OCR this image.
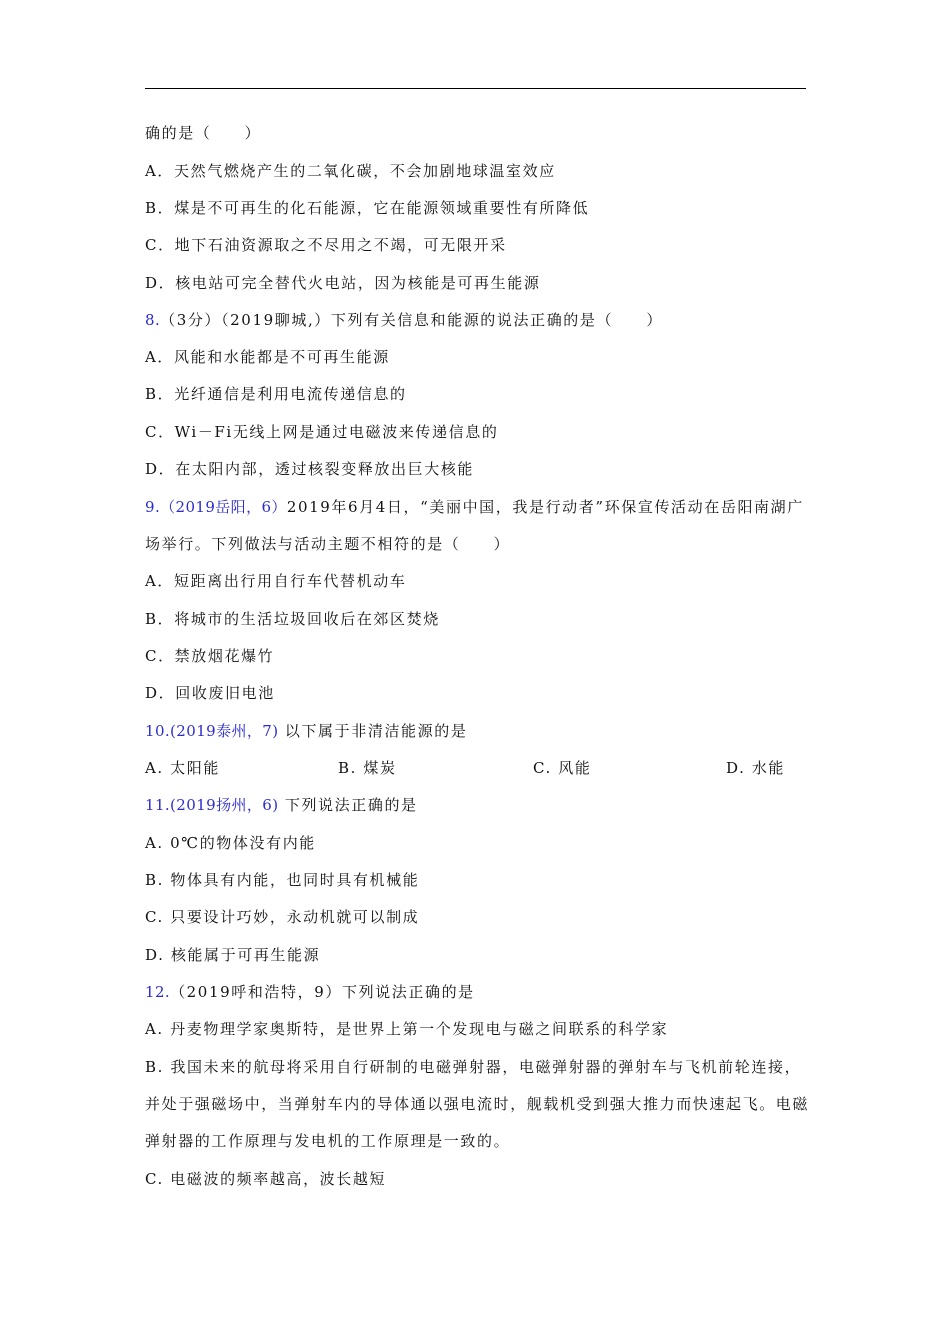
确的是（　　）
A．天然气燃烧产生的二氧化碳，不会加剧地球温室效应
B．煤是不可再生的化石能源，它在能源领域重要性有所降低
C．地下石油资源取之不尽用之不竭，可无限开采
D．核电站可完全替代火电站，因为核能是可再生能源
8.（3分）（2019聊城,）下列有关信息和能源的说法正确的是（　　）
A．风能和水能都是不可再生能源
B．光纤通信是利用电流传递信息的
C．Wi－Fi无线上网是通过电磁波来传递信息的
D．在太阳内部，透过核裂变释放出巨大核能
9.（2019岳阳，6）2019年6月4日，“美丽中国，我是行动者”环保宣传活动在岳阳南湖广
场举行。下列做法与活动主题不相符的是（　　）
A．短距离出行用自行车代替机动车
B．将城市的生活垃圾回收后在郊区焚烧
C．禁放烟花爆竹
D．回收废旧电池
10.(2019泰州，7) 以下属于非清洁能源的是
A. 太阳能	B. 煤炭	C. 风能	D. 水能
11.(2019扬州，6) 下列说法正确的是
A. 0℃的物体没有内能
B. 物体具有内能，也同时具有机械能
C. 只要设计巧妙，永动机就可以制成
D. 核能属于可再生能源
12.（2019呼和浩特，9）下列说法正确的是
A. 丹麦物理学家奥斯特，是世界上第一个发现电与磁之间联系的科学家
B. 我国未来的航母将采用自行研制的电磁弹射器，电磁弹射器的弹射车与飞机前轮连接，
并处于强磁场中，当弹射车内的导体通以强电流时，舰载机受到强大推力而快速起飞。电磁
弹射器的工作原理与发电机的工作原理是一致的。
C. 电磁波的频率越高，波长越短
